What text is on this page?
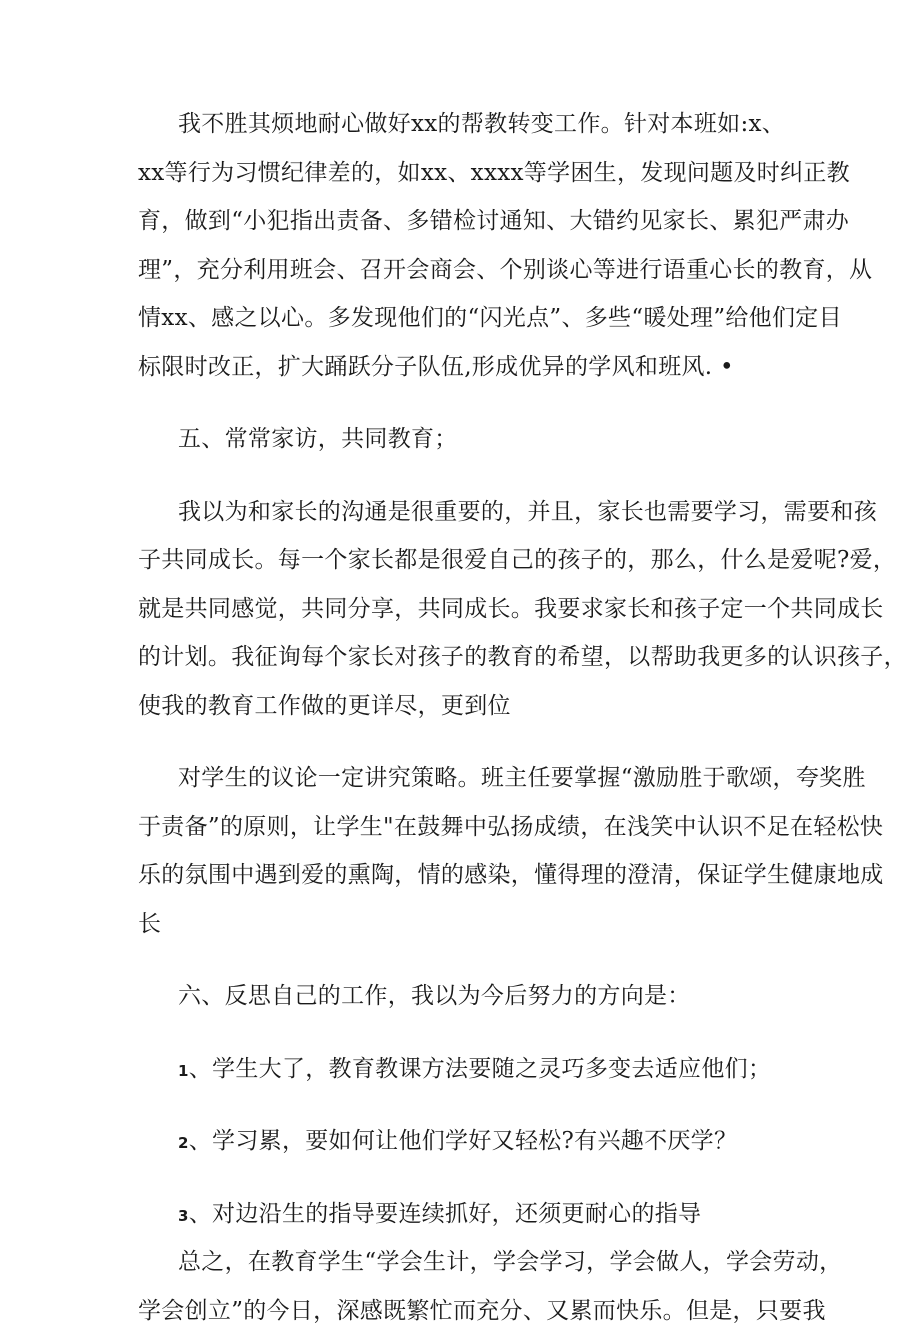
我不胜其烦地耐心做好xx的帮教转变工作。针对本班如:x、
xx等行为习惯纪律差的，如xx、xxxx等学困生，发现问题及时纠正教
育，做到“小犯指出责备、多错检讨通知、大错约见家长、累犯严肃办
理”，充分利用班会、召开会商会、个别谈心等进行语重心长的教育，从
情xx、感之以心。多发现他们的“闪光点”、多些“暖处理”给他们定目
标限时改正，扩大踊跃分子队伍,形成优异的学风和班风. •
五、常常家访，共同教育；
我以为和家长的沟通是很重要的，并且，家长也需要学习，需要和孩
子共同成长。每一个家长都是很爱自己的孩子的，那么，什么是爱呢?爱，
就是共同感觉，共同分享，共同成长。我要求家长和孩子定一个共同成长
的计划。我征询每个家长对孩子的教育的希望，以帮助我更多的认识孩子，
使我的教育工作做的更详尽，更到位
对学生的议论一定讲究策略。班主任要掌握“激励胜于歌颂，夸奖胜
于责备”的原则，让学生"在鼓舞中弘扬成绩，在浅笑中认识不足在轻松快
乐的氛围中遇到爱的熏陶，情的感染，懂得理的澄清，保证学生健康地成
长
六、反思自己的工作，我以为今后努力的方向是：
1、学生大了，教育教课方法要随之灵巧多变去适应他们；
2、学习累，要如何让他们学好又轻松?有兴趣不厌学？
3、对边沿生的指导要连续抓好，还须更耐心的指导
总之，在教育学生“学会生计，学会学习，学会做人，学会劳动，
学会创立”的今日，深感既繁忙而充分、又累而快乐。但是，只要我
